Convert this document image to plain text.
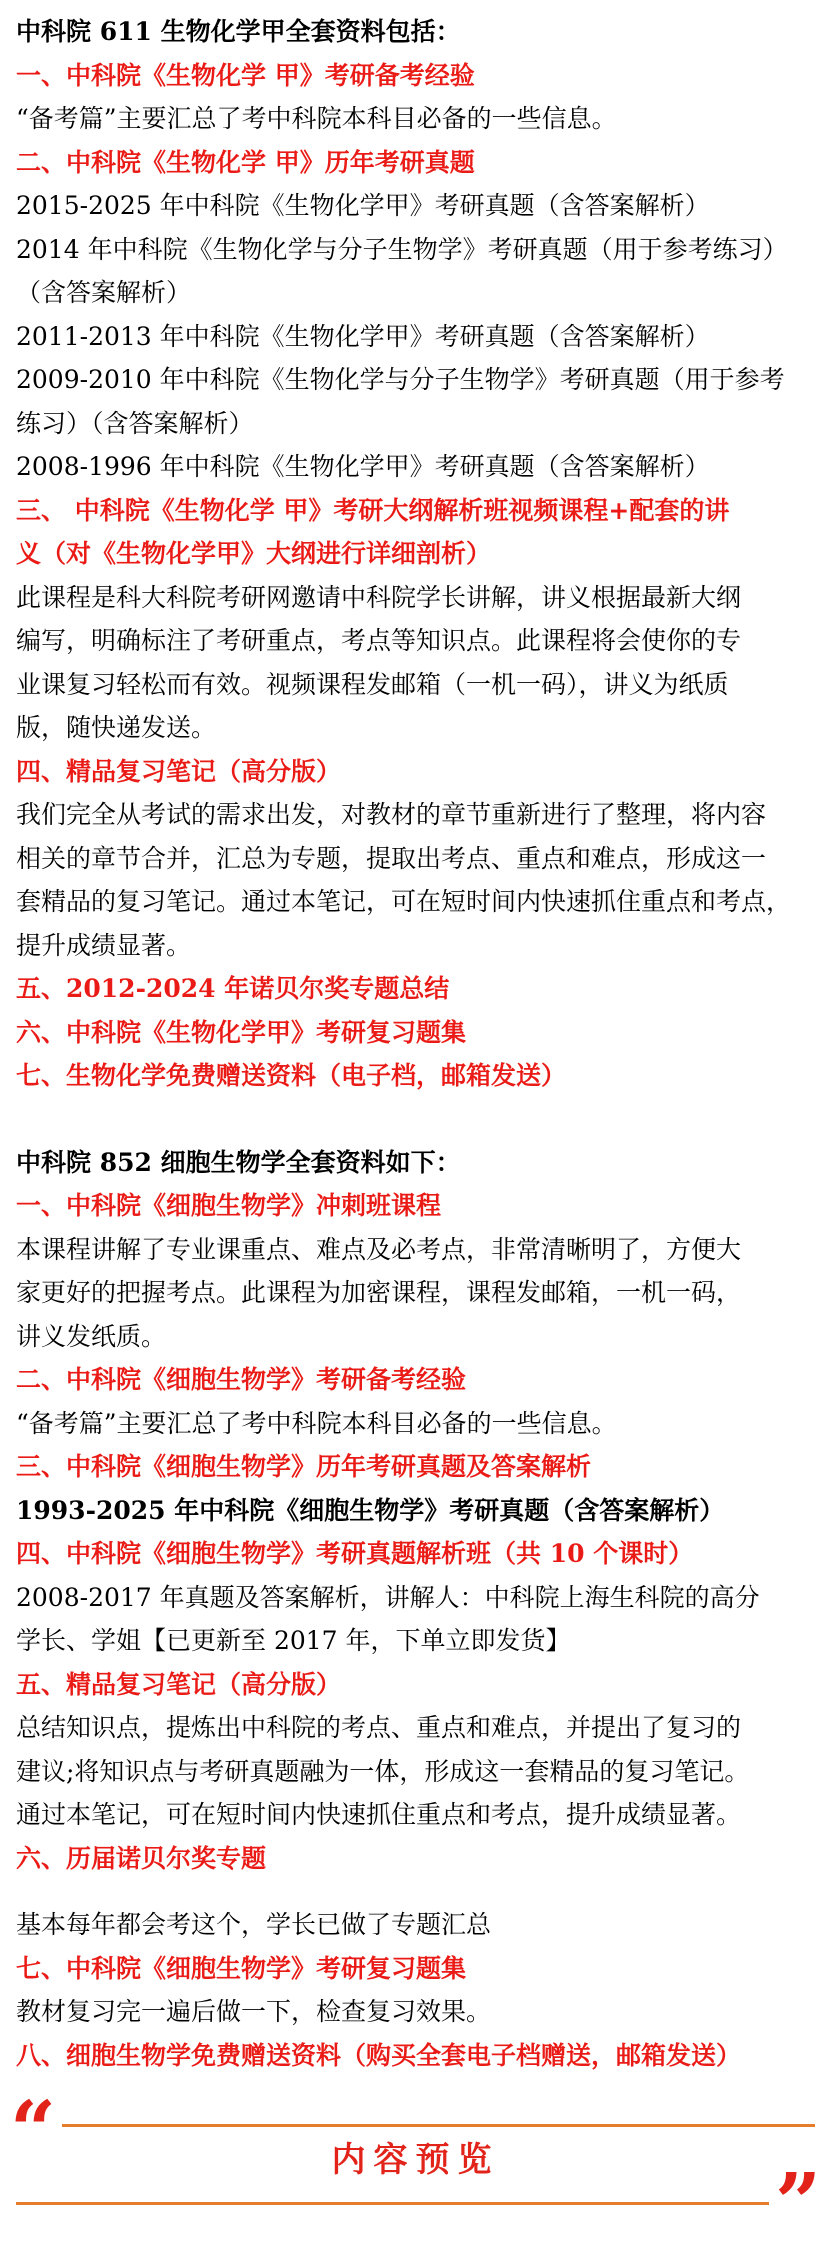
中科院 611 生物化学甲全套资料包括：
一、中科院《生物化学 甲》考研备考经验
“备考篇”主要汇总了考中科院本科目必备的一些信息。
二、中科院《生物化学 甲》历年考研真题
2015-2025 年中科院《生物化学甲》考研真题（含答案解析）
2014 年中科院《生物化学与分子生物学》考研真题（用于参考练习）
（含答案解析）
2011-2013 年中科院《生物化学甲》考研真题（含答案解析）
2009-2010 年中科院《生物化学与分子生物学》考研真题（用于参考
练习）（含答案解析）
2008-1996 年中科院《生物化学甲》考研真题（含答案解析）
三、 中科院《生物化学 甲》考研大纲解析班视频课程+配套的讲
义（对《生物化学甲》大纲进行详细剖析）
此课程是科大科院考研网邀请中科院学长讲解，讲义根据最新大纲
编写，明确标注了考研重点，考点等知识点。此课程将会使你的专
业课复习轻松而有效。视频课程发邮箱（一机一码），讲义为纸质
版，随快递发送。
四、精品复习笔记（高分版）
我们完全从考试的需求出发，对教材的章节重新进行了整理，将内容
相关的章节合并，汇总为专题，提取出考点、重点和难点，形成这一
套精品的复习笔记。通过本笔记，可在短时间内快速抓住重点和考点，
提升成绩显著。
五、2012-2024 年诺贝尔奖专题总结
六、中科院《生物化学甲》考研复习题集
七、生物化学免费赠送资料（电子档，邮箱发送）
中科院 852 细胞生物学全套资料如下：
一、中科院《细胞生物学》冲刺班课程
本课程讲解了专业课重点、难点及必考点，非常清晰明了，方便大
家更好的把握考点。此课程为加密课程，课程发邮箱，一机一码，
讲义发纸质。
二、中科院《细胞生物学》考研备考经验
“备考篇”主要汇总了考中科院本科目必备的一些信息。
三、中科院《细胞生物学》历年考研真题及答案解析
1993-2025 年中科院《细胞生物学》考研真题（含答案解析）
四、中科院《细胞生物学》考研真题解析班（共 10 个课时）
2008-2017 年真题及答案解析，讲解人：中科院上海生科院的高分
学长、学姐【已更新至 2017 年，下单立即发货】
五、精品复习笔记（高分版）
总结知识点，提炼出中科院的考点、重点和难点，并提出了复习的
建议;将知识点与考研真题融为一体，形成这一套精品的复习笔记。
通过本笔记，可在短时间内快速抓住重点和考点，提升成绩显著。
六、历届诺贝尔奖专题
基本每年都会考这个，学长已做了专题汇总
七、中科院《细胞生物学》考研复习题集
教材复习完一遍后做一下，检查复习效果。
八、细胞生物学免费赠送资料（购买全套电子档赠送，邮箱发送）
“	内容预览	”
